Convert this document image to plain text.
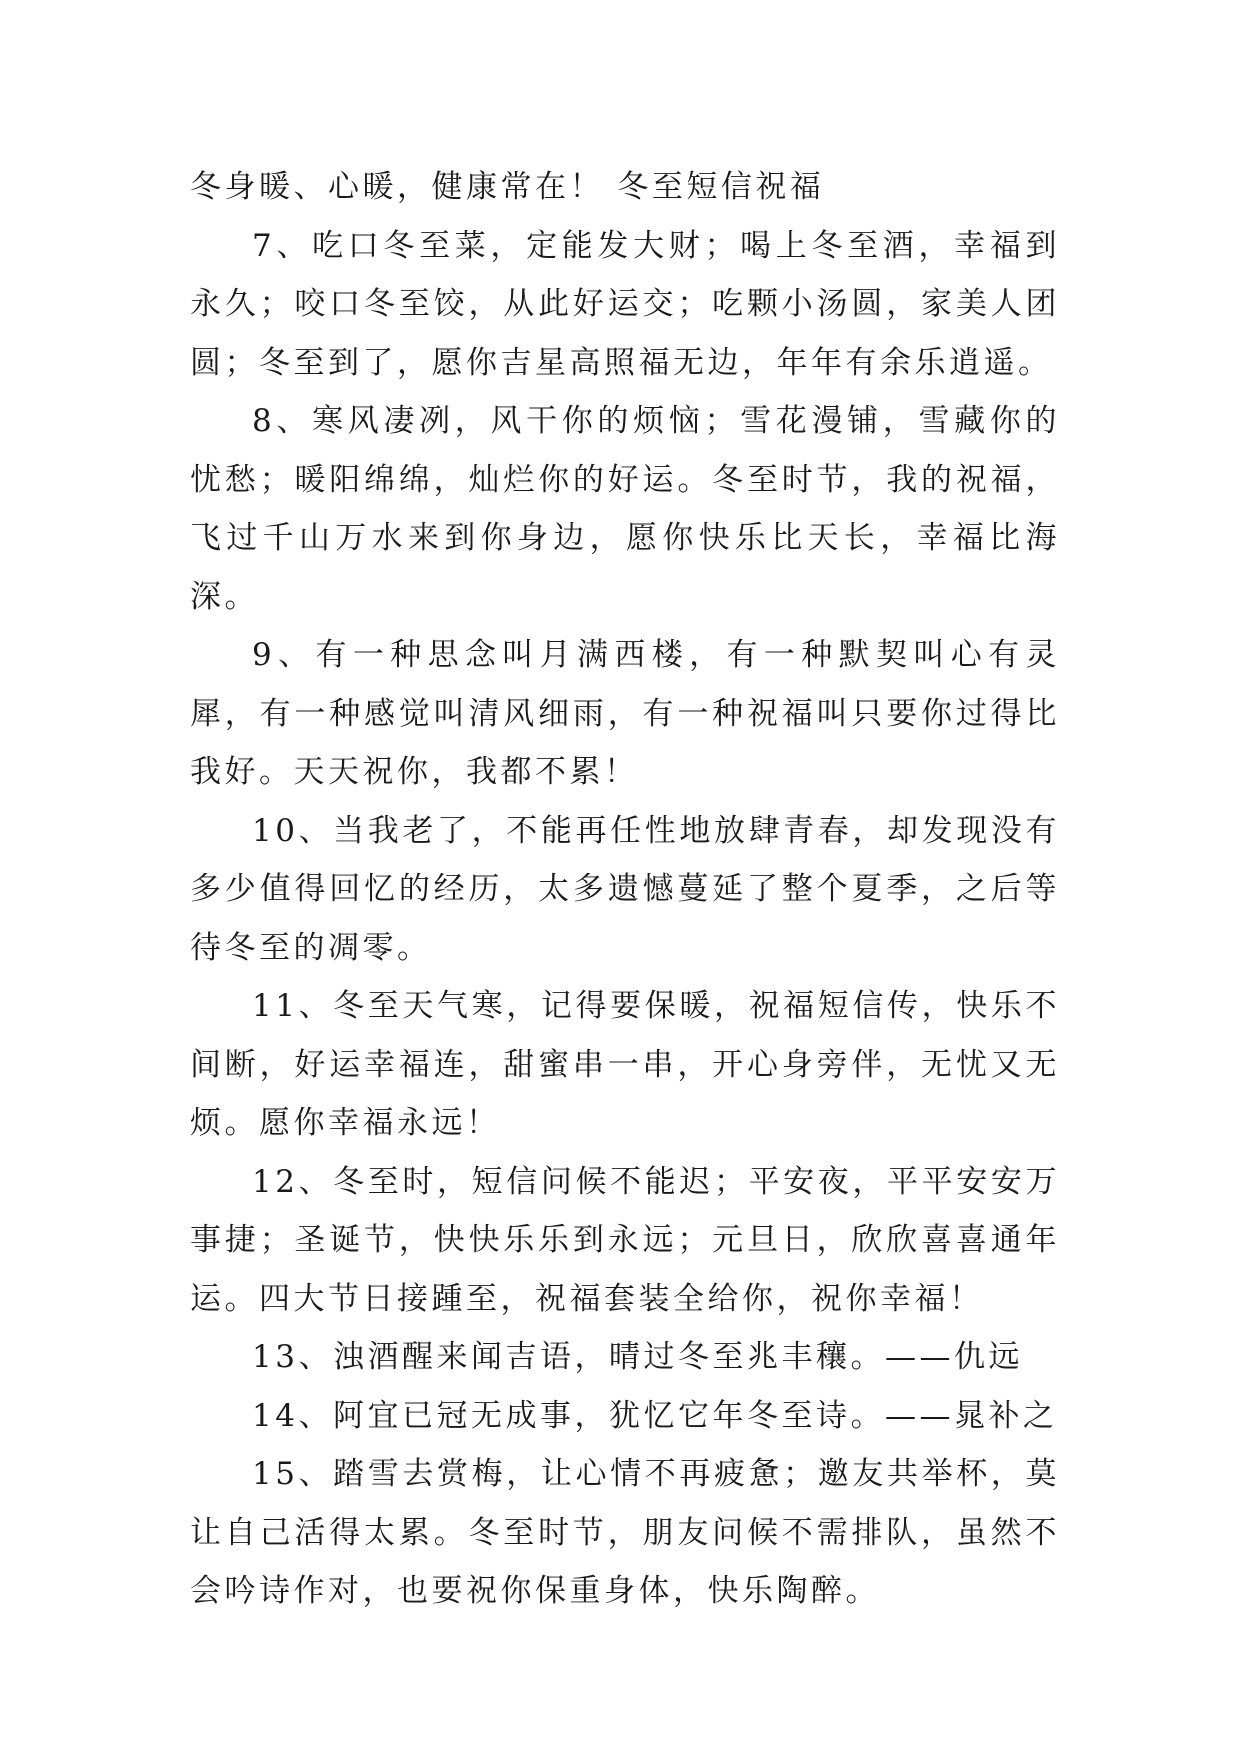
冬身暖、心暖，健康常在！ 冬至短信祝福

7、吃口冬至菜，定能发大财；喝上冬至酒，幸福到永久；咬口冬至饺，从此好运交；吃颗小汤圆，家美人团圆；冬至到了，愿你吉星高照福无边，年年有余乐逍遥。

8、寒风凄冽，风干你的烦恼；雪花漫铺，雪藏你的忧愁；暖阳绵绵，灿烂你的好运。冬至时节，我的祝福，飞过千山万水来到你身边，愿你快乐比天长，幸福比海深。

9、有一种思念叫月满西楼，有一种默契叫心有灵犀，有一种感觉叫清风细雨，有一种祝福叫只要你过得比我好。天天祝你，我都不累！

10、当我老了，不能再任性地放肆青春，却发现没有多少值得回忆的经历，太多遗憾蔓延了整个夏季，之后等待冬至的凋零。

11、冬至天气寒，记得要保暖，祝福短信传，快乐不间断，好运幸福连，甜蜜串一串，开心身旁伴，无忧又无烦。愿你幸福永远！

12、冬至时，短信问候不能迟；平安夜，平平安安万事捷；圣诞节，快快乐乐到永远；元旦日，欣欣喜喜通年运。四大节日接踵至，祝福套装全给你，祝你幸福！

13、浊酒醒来闻吉语，晴过冬至兆丰穰。——仇远

14、阿宜已冠无成事，犹忆它年冬至诗。——晁补之

15、踏雪去赏梅，让心情不再疲惫；邀友共举杯，莫让自己活得太累。冬至时节，朋友问候不需排队，虽然不会吟诗作对，也要祝你保重身体，快乐陶醉。
